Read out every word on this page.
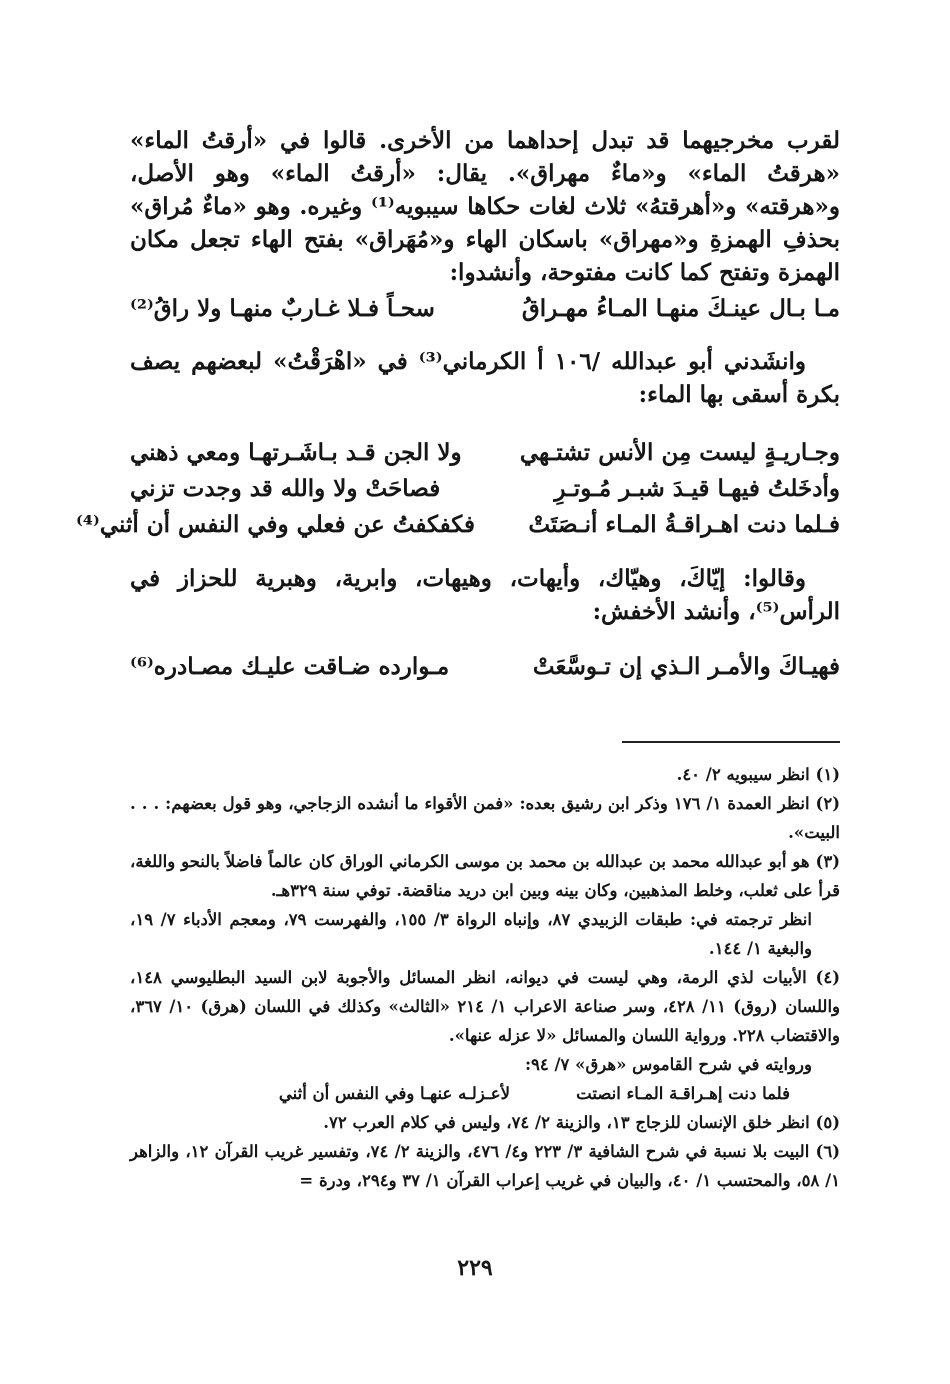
لقرب مخرجيهما قد تبدل إحداهما من الأخرى. قالوا في «أرقتُ الماء» «هرقتُ الماء» و«ماءٌ مهراق». يقال: «أرقتُ الماء» وهو الأصل، و«هرقته» و«أهرقتهُ» ثلاث لغات حكاها سيبويه⁽¹⁾ وغيره. وهو «ماءٌ مُراق» بحذفِ الهمزةِ و«مهراق» باسكان الهاء و«مُهَراق» بفتح الهاء تجعل مكان الهمزة وتفتح كما كانت مفتوحة، وأنشدوا:
مـا بـال عينـكَ منهـا المـاءُ مهـراقُ
سحـاً فـلا غـاربٌ منهـا ولا راقُ⁽²⁾
وانشَدني أبو عبدالله /١٠٦ أ الكرماني⁽³⁾ في «اهْرَقْتُ» لبعضهم يصف بكرة أسقى بها الماء:
وجـاريـةٍ ليست مِن الأنس تشتـهي
ولا الجن قـد بـاشَـرتهـا ومعي ذهني
وأدخَلتُ فيهـا قيـدَ شبـر مُـوتـرِ
فصاحَتْ ولا والله قد وجدت تزني
فـلما دنت اهـراقـةُ المـاء أنـصَتَتْ
فكفكفتُ عن فعلي وفي النفس أن أثني⁽⁴⁾
وقالوا: إيّاكَ، وهيّاك، وأيهات، وهيهات، وابرية، وهبرية للحزاز في الرأس⁽⁵⁾، وأنشد الأخفش:
فهيـاكَ والأمـر الـذي إن تـوسَّعَتْ
مـوارده ضـاقت عليـك مصـادره⁽⁶⁾
(١) انظر سيبويه ٢/ ٤٠.
(٢) انظر العمدة ١/ ١٧٦ وذكر ابن رشيق بعده: «فمن الأقواء ما أنشده الزجاجي، وهو قول بعضهم: . . . البيت».
(٣) هو أبو عبدالله محمد بن عبدالله بن محمد بن موسى الكرماني الوراق كان عالماً فاضلاً بالنحو واللغة، قرأ على ثعلب، وخلط المذهبين، وكان بينه وبين ابن دريد مناقضة. توفي سنة ٣٢٩هـ.
انظر ترجمته في: طبقات الزبيدي ٨٧، وإنباه الرواة ٣/ ١٥٥، والفهرست ٧٩، ومعجم الأدباء ٧/ ١٩، والبغية ١/ ١٤٤.
(٤) الأبيات لذي الرمة، وهي ليست في ديوانه، انظر المسائل والأجوبة لابن السيد البطليوسي ١٤٨، واللسان (روق) ١١/ ٤٢٨، وسر صناعة الاعراب ١/ ٢١٤ «الثالث» وكذلك في اللسان (هرق) ١٠/ ٣٦٧، والاقتضاب ٢٢٨. ورواية اللسان والمسائل «لا عزله عنها».
وروايته في شرح القاموس «هرق» ٧/ ٩٤:
فلما دنت إهـراقـة المـاء انصتت
لأعـزلـه عنهـا وفي النفس أن أثني
(٥) انظر خلق الإنسان للزجاج ١٣، والزينة ٢/ ٧٤، وليس في كلام العرب ٧٢.
(٦) البيت بلا نسبة في شرح الشافية ٣/ ٢٢٣ و٤/ ٤٧٦، والزينة ٢/ ٧٤، وتفسير غريب القرآن ١٢، والزاهر ١/ ٥٨، والمحتسب ١/ ٤٠، والبيان في غريب إعراب القرآن ١/ ٣٧ و٢٩٤، ودرة =
٢٢٩
